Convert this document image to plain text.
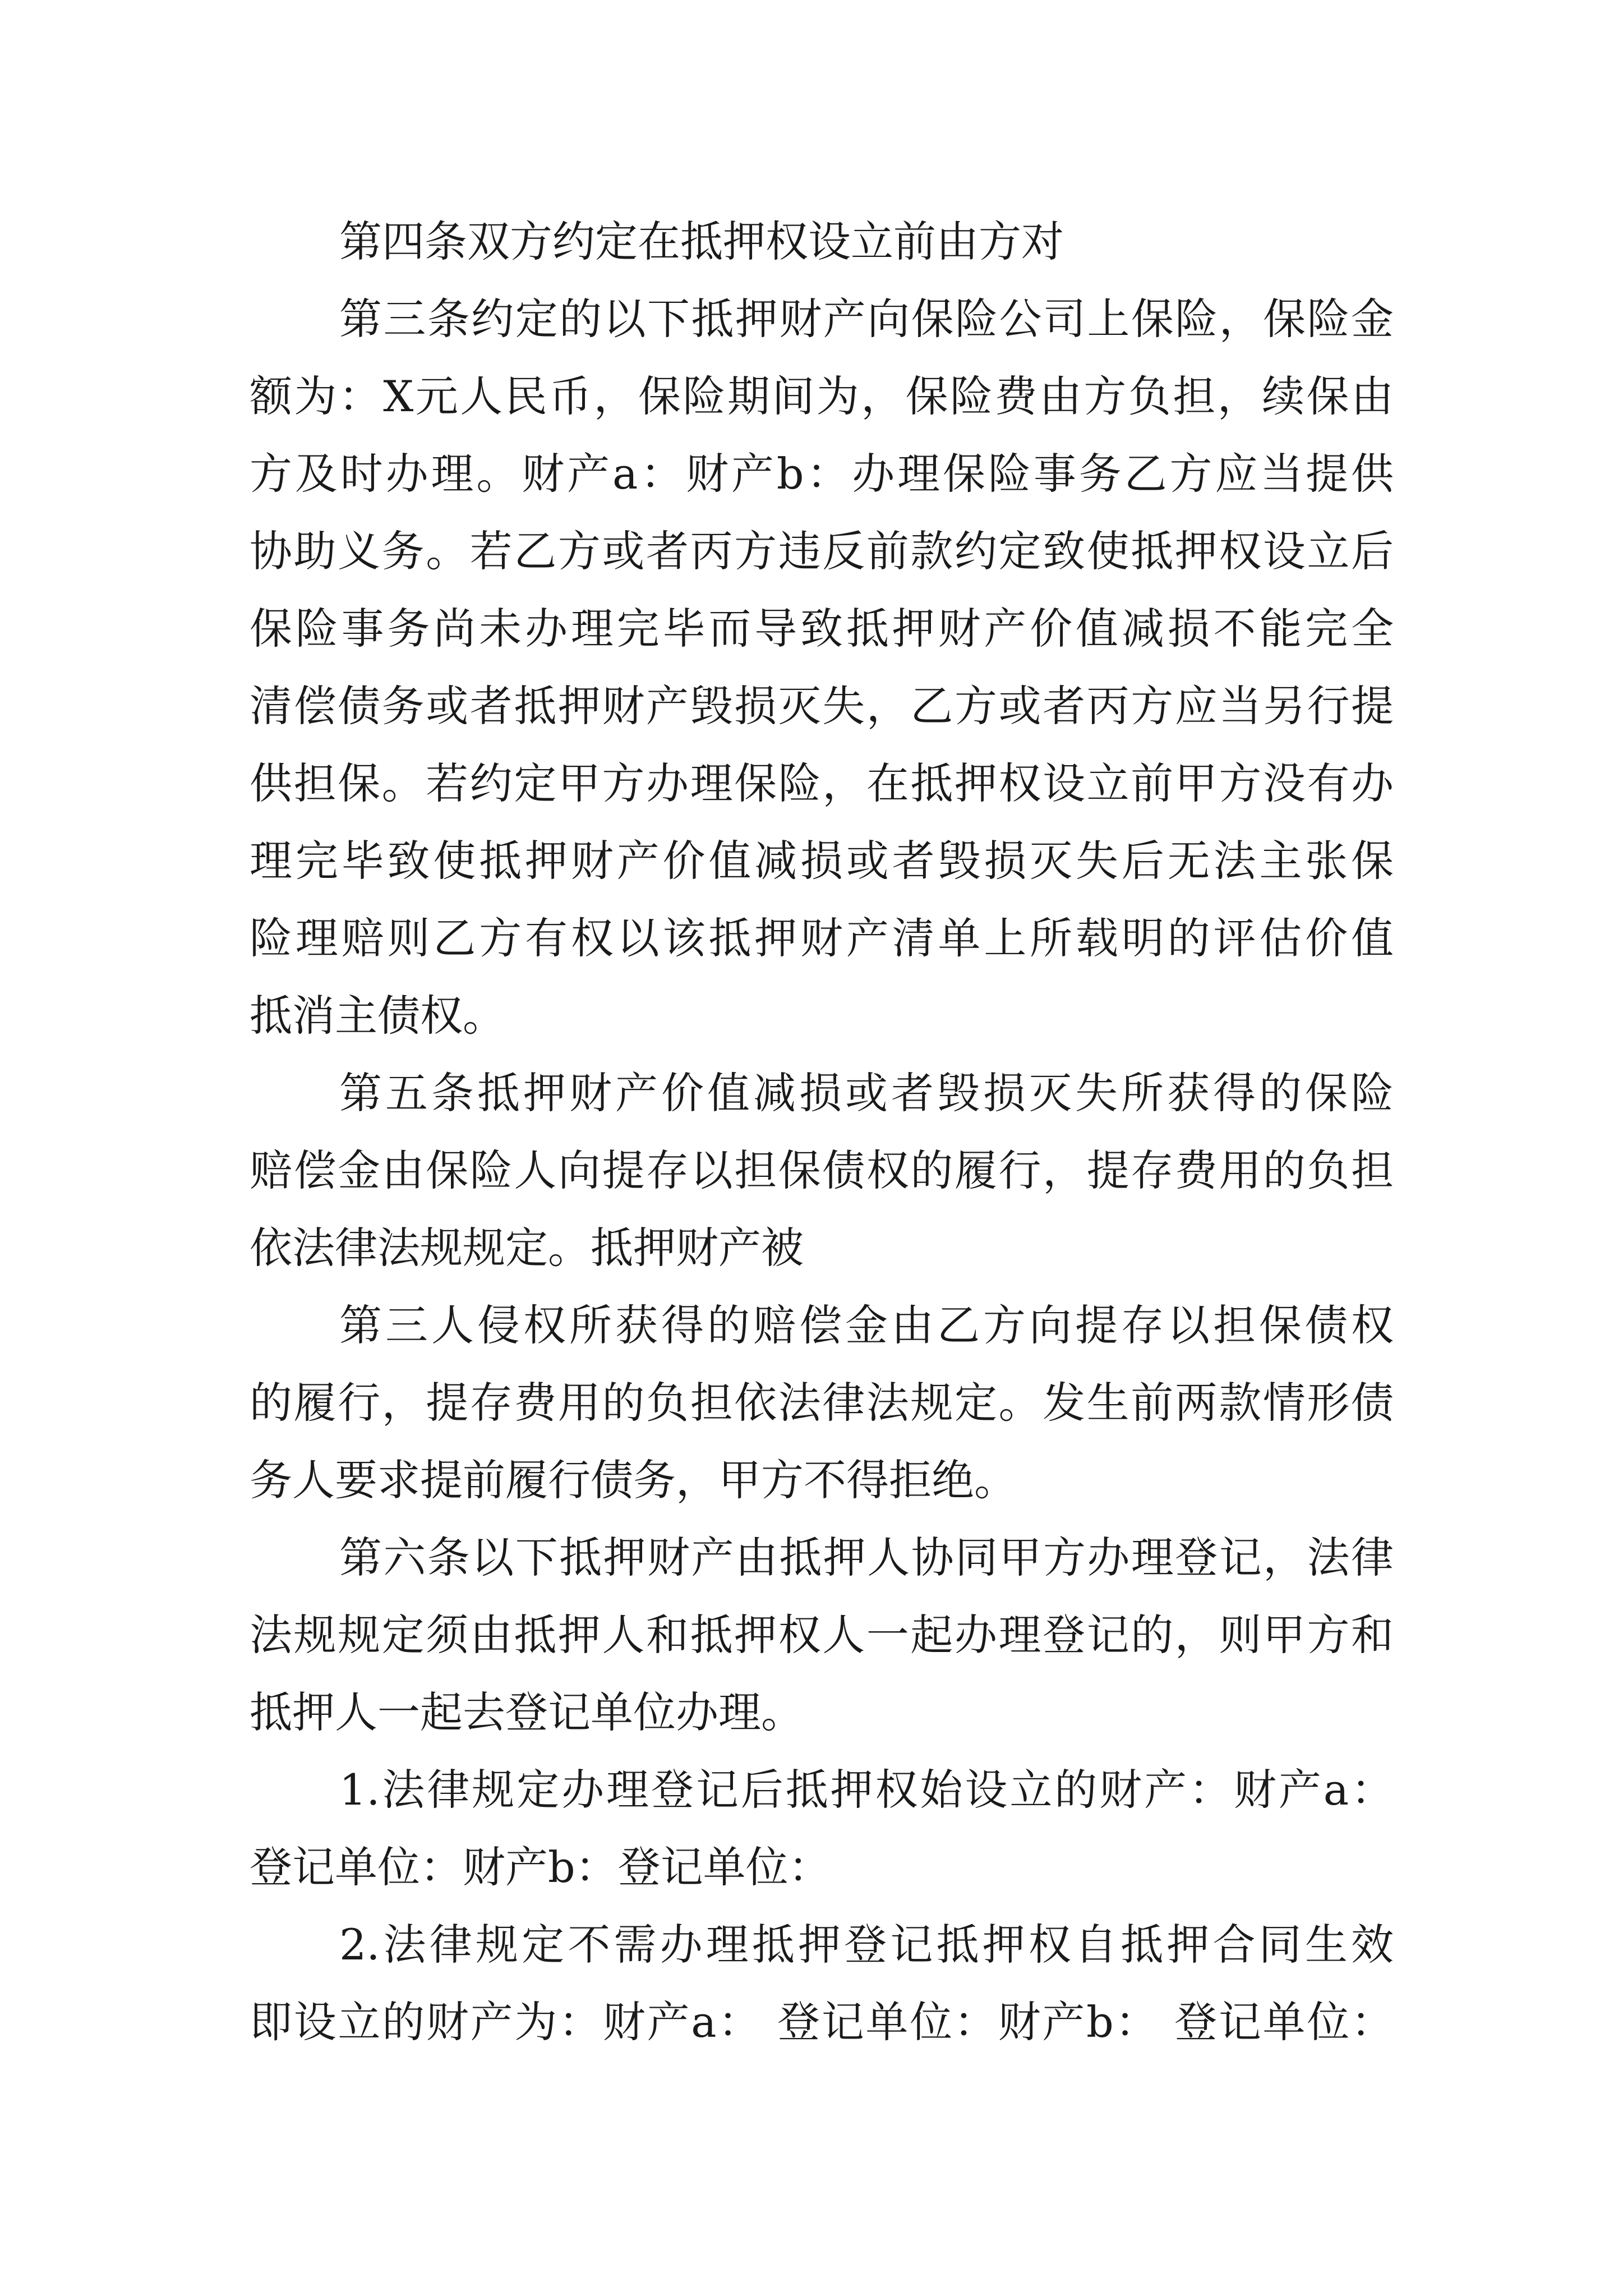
第四条双方约定在抵押权设立前由方对
第三条约定的以下抵押财产向保险公司上保险，保险金
额为：X元人民币，保险期间为，保险费由方负担，续保由
方及时办理。财产a：财产b：办理保险事务乙方应当提供
协助义务。若乙方或者丙方违反前款约定致使抵押权设立后
保险事务尚未办理完毕而导致抵押财产价值减损不能完全
清偿债务或者抵押财产毁损灭失，乙方或者丙方应当另行提
供担保。若约定甲方办理保险，在抵押权设立前甲方没有办
理完毕致使抵押财产价值减损或者毁损灭失后无法主张保
险理赔则乙方有权以该抵押财产清单上所载明的评估价值
抵消主债权。
第五条抵押财产价值减损或者毁损灭失所获得的保险
赔偿金由保险人向提存以担保债权的履行，提存费用的负担
依法律法规规定。抵押财产被
第三人侵权所获得的赔偿金由乙方向提存以担保债权
的履行，提存费用的负担依法律法规定。发生前两款情形债
务人要求提前履行债务，甲方不得拒绝。
第六条以下抵押财产由抵押人协同甲方办理登记，法律
法规规定须由抵押人和抵押权人一起办理登记的，则甲方和
抵押人一起去登记单位办理。
1.法律规定办理登记后抵押权始设立的财产：财产a：
登记单位：财产b：登记单位：
2.法律规定不需办理抵押登记抵押权自抵押合同生效
即设立的财产为：财产a： 登记单位：财产b： 登记单位：
